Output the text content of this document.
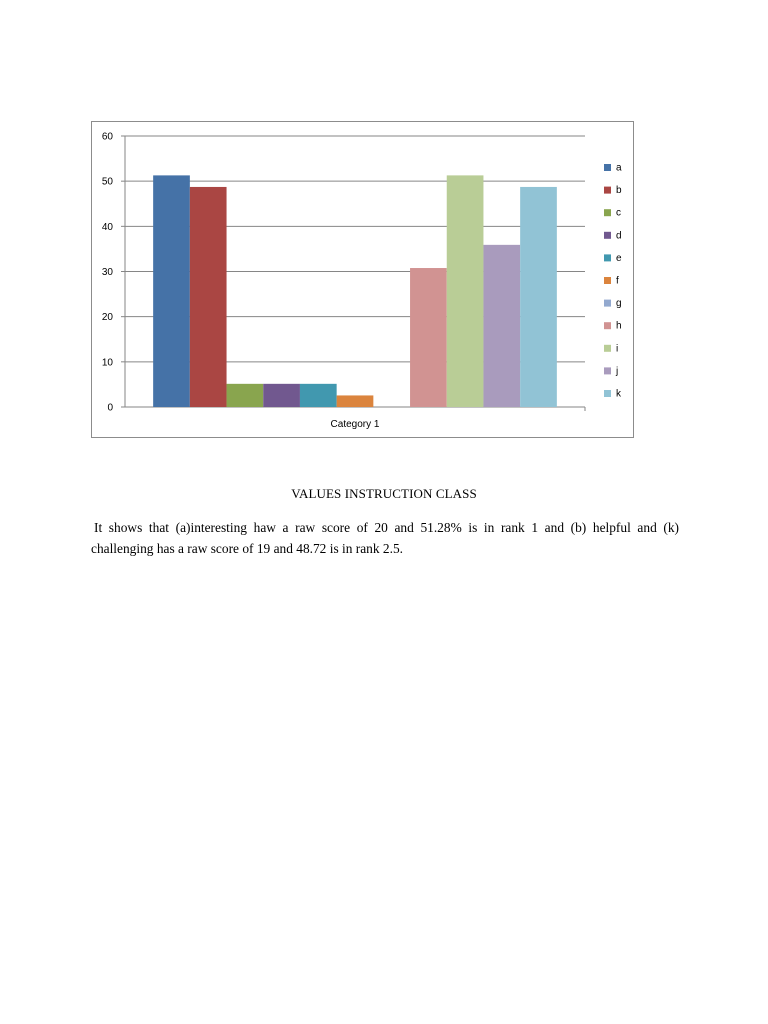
0
10
20
30
40
50
60
Category 1
a
b
c
d
e
f
g
h
i
j
k
VALUES INSTRUCTION CLASS
It shows that (a)interesting haw a raw score of 20 and 51.28% is in rank 1 and (b) helpful and (k) challenging has a raw score of 19 and 48.72 is in rank 2.5.
